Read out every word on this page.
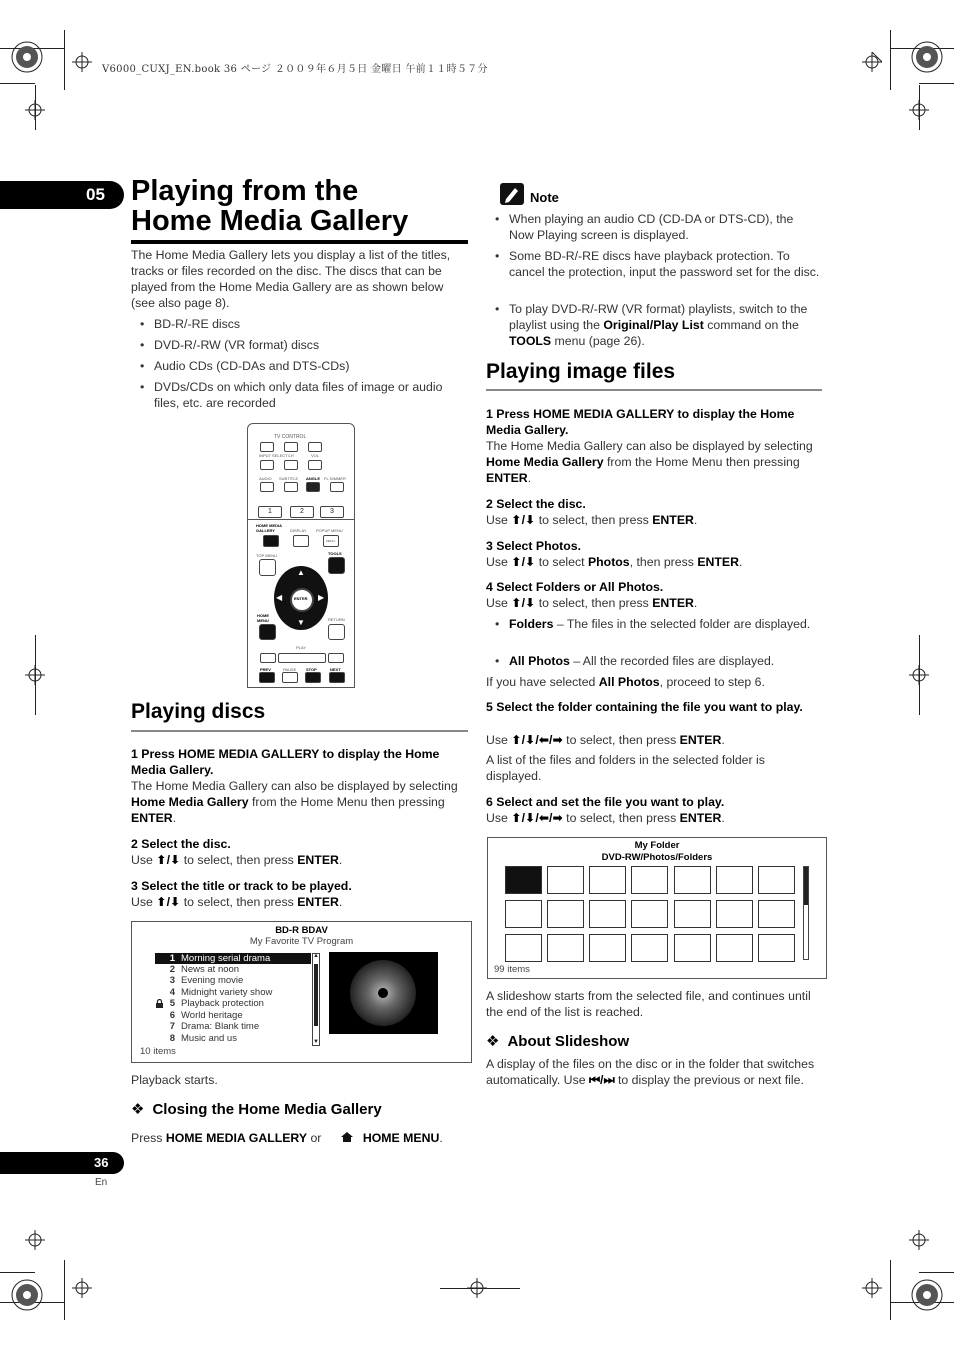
V6000_CUXJ_EN.book 36 ページ ２００９年６月５日 金曜日 午前１１時５７分
05 Playing from the
Home Media Gallery
The Home Media Gallery lets you display a list of the titles, tracks or files recorded on the disc. The discs that can be played from the Home Media Gallery are as shown below (see also page 8).
• BD-R/-RE discs
• DVD-R/-RW (VR format) discs
• Audio CDs (CD-DAs and DTS-CDs)
• DVDs/CDs on which only data files of image or audio files, etc. are recorded
TV CONTROL
INPUT SELECT CH	VOL
AUDIO SUBTITLE ANGLE FL DIMMER
1	2	3
HOME MEDIA GALLERY	DISPLAY POPUP MENU
MENU
TOP MENU	TOOLS
ENTER
▲
▼
◀	▶
HOME MENU	RETURN
PLAY
PREV	PAUSE STOP	NEXT
Playing discs
1 Press HOME MEDIA GALLERY to display the Home Media Gallery.
The Home Media Gallery can also be displayed by selecting Home Media Gallery from the Home Menu then pressing ENTER.
2 Select the disc.
Use ⬆/⬇ to select, then press ENTER.
3 Select the title or track to be played.
Use ⬆/⬇ to select, then press ENTER.
BD-R BDAV
My Favorite TV Program
1 Morning serial drama
2 News at noon
3 Evening movie
4 Midnight variety show
5 Playback protection
6 World heritage
7 Drama: Blank time
8 Music and us
▲
▼
10 items
Playback starts.
❖ Closing the Home Media Gallery
Press HOME MEDIA GALLERY or	HOME MENU.
Note
• When playing an audio CD (CD-DA or DTS-CD), the Now Playing screen is displayed.
• Some BD-R/-RE discs have playback protection. To cancel the protection, input the password set for the disc.
• To play DVD-R/-RW (VR format) playlists, switch to the playlist using the Original/Play List command on the TOOLS menu (page 26).
Playing image files
1 Press HOME MEDIA GALLERY to display the Home Media Gallery.
The Home Media Gallery can also be displayed by selecting Home Media Gallery from the Home Menu then pressing ENTER.
2 Select the disc.
Use ⬆/⬇ to select, then press ENTER.
3 Select Photos.
Use ⬆/⬇ to select Photos, then press ENTER.
4 Select Folders or All Photos.
Use ⬆/⬇ to select, then press ENTER.
• Folders – The files in the selected folder are displayed.
• All Photos – All the recorded files are displayed.
If you have selected All Photos, proceed to step 6.
5 Select the folder containing the file you want to play.
Use ⬆/⬇/⬅/➡ to select, then press ENTER.
A list of the files and folders in the selected folder is displayed.
6 Select and set the file you want to play.
Use ⬆/⬇/⬅/➡ to select, then press ENTER.
My Folder
DVD-RW/Photos/Folders
99 items
A slideshow starts from the selected file, and continues until the end of the list is reached.
❖ About Slideshow
A display of the files on the disc or in the folder that switches automatically. Use ⏮/⏭ to display the previous or next file.
36
En
